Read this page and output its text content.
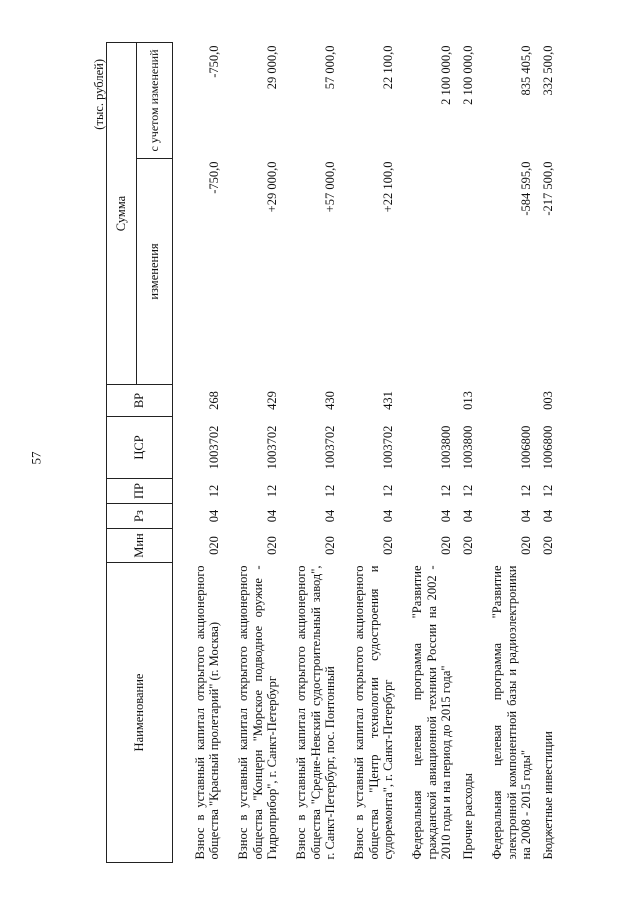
57
(тыс. рублей)
Наименование	Мин	Рз	ПР	ЦСР	ВР	Сумма	
						изменения	с учетом изменений
Взнос в уставный капитал открытого акционерного общества "Красный пролетарий" (г. Москва)	020	04	12	1003702	268	-750,0	-750,0
Взнос в уставный капитал открытого акционерного общества "Концерн "Морское подводное оружие - Гидроприбор", г. Санкт-Петербург	020	04	12	1003702	429	+29 000,0	29 000,0
Взнос в уставный капитал открытого акционерного общества "Средне-Невский судостроительный завод", г. Санкт-Петербург, пос. Понтонный	020	04	12	1003702	430	+57 000,0	57 000,0
Взнос в уставный капитал открытого акционерного общества "Центр технологии судостроения и судоремонта", г. Санкт-Петербург	020	04	12	1003702	431	+22 100,0	22 100,0
Федеральная целевая программа "Развитие гражданской авиационной техники России на 2002 - 2010 годы и на период до 2015 года"	020	04	12	1003800			2 100 000,0
Прочие расходы	020	04	12	1003800	013		2 100 000,0
Федеральная целевая программа "Развитие электронной компонентной базы и радиоэлектроники на 2008 - 2015 годы"	020	04	12	1006800		-584 595,0	835 405,0
Бюджетные инвестиции	020	04	12	1006800	003	-217 500,0	332 500,0
